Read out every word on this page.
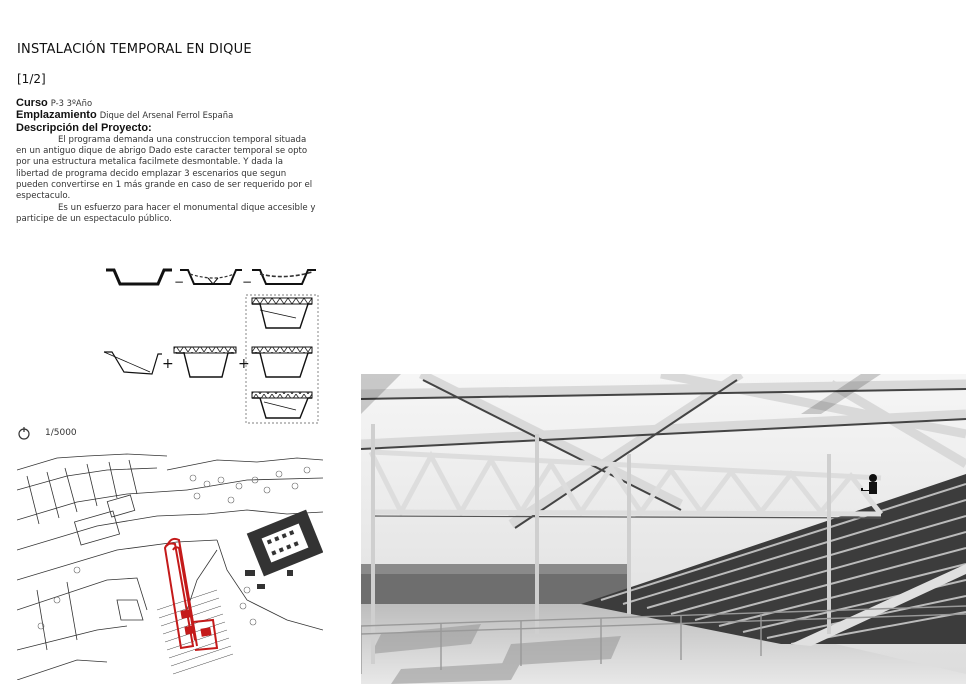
INSTALACIÓN TEMPORAL EN DIQUE
[1/2]

Curso P-3 3ºAño

Emplazamiento Dique del Arsenal Ferrol España

Descripción del Proyecto:

El programa demanda una construccion temporal situada en un antiguo dique de abrigo Dado este caracter temporal se opto por una estructura metalica facilmete desmontable. Y dada la libertad de programa decido emplazar 3 escenarios que segun pueden convertirse en 1 más grande en caso de ser requerido por el espectaculo.

Es un esfuerzo para hacer el monumental dique accesible y participe de un espectaculo público.

−	−
+	+
1/5000
